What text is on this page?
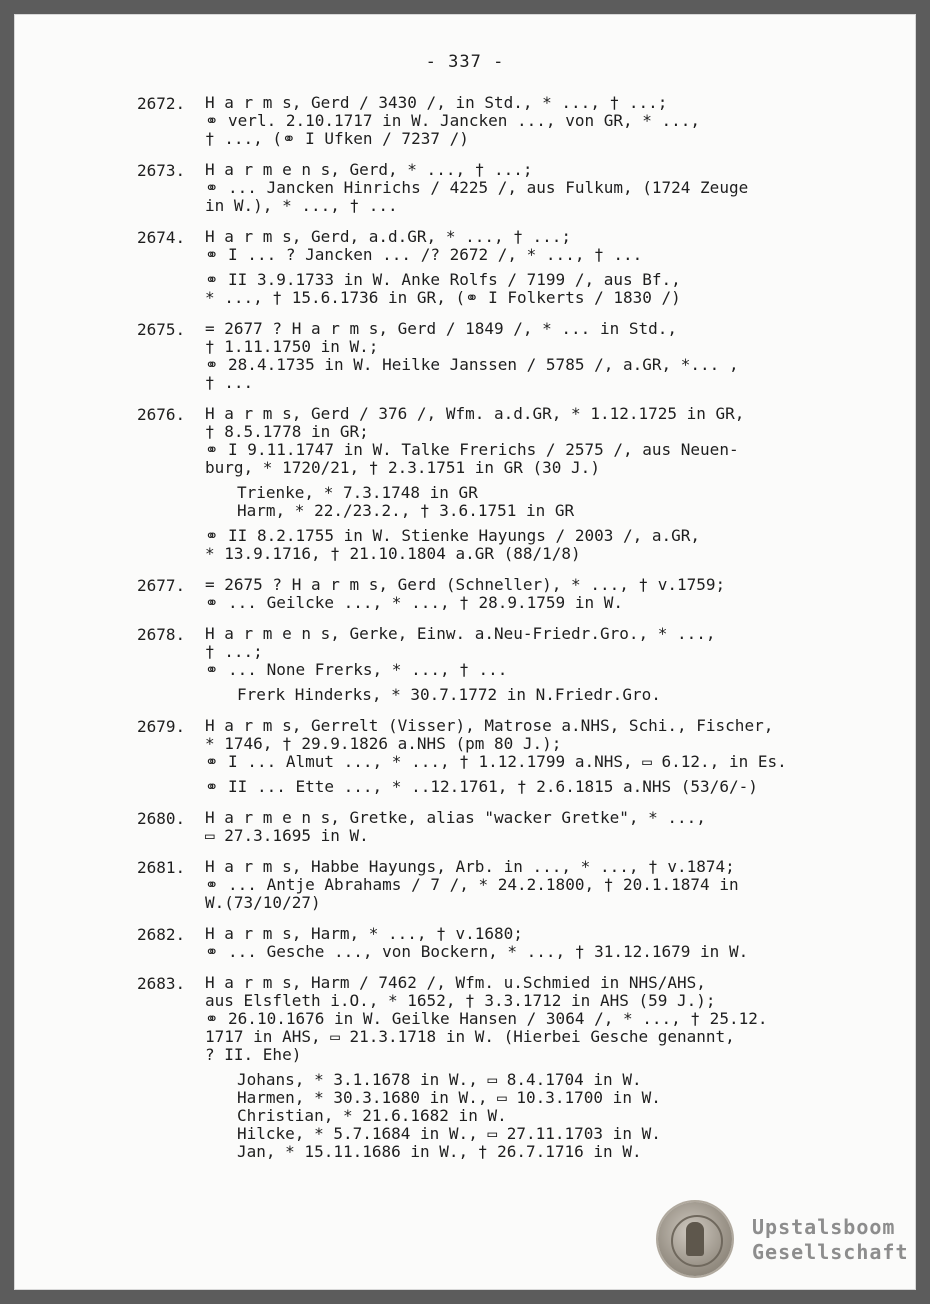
- 337 -
2672.	H a r m s, Gerd / 3430 /, in Std., * ..., † ...;
⚭ verl. 2.10.1717 in W. Jancken ..., von GR, * ...,
† ..., (⚭ I Ufken / 7237 /)
2673.	H a r m e n s, Gerd, * ..., † ...;
⚭ ... Jancken Hinrichs / 4225 /, aus Fulkum, (1724 Zeuge
in W.), * ..., † ...
2674.	H a r m s, Gerd, a.d.GR, * ..., † ...;
⚭ I ... ? Jancken ... /? 2672 /, * ..., † ...
⚭ II 3.9.1733 in W. Anke Rolfs / 7199 /, aus Bf.,
* ..., † 15.6.1736 in GR, (⚭ I Folkerts / 1830 /)
2675.	= 2677 ? H a r m s, Gerd / 1849 /, * ... in Std.,
† 1.11.1750 in W.;
⚭ 28.4.1735 in W. Heilke Janssen / 5785 /, a.GR, *... ,
† ...
2676.	H a r m s, Gerd / 376 /, Wfm. a.d.GR, * 1.12.1725 in GR,
† 8.5.1778 in GR;
⚭ I 9.11.1747 in W. Talke Frerichs / 2575 /, aus Neuen-
burg, * 1720/21, † 2.3.1751 in GR (30 J.)
Trienke, * 7.3.1748 in GR
Harm, * 22./23.2., † 3.6.1751 in GR
⚭ II 8.2.1755 in W. Stienke Hayungs / 2003 /, a.GR,
* 13.9.1716, † 21.10.1804 a.GR (88/1/8)
2677.	= 2675 ? H a r m s, Gerd (Schneller), * ..., † v.1759;
⚭ ... Geilcke ..., * ..., † 28.9.1759 in W.
2678.	H a r m e n s, Gerke, Einw. a.Neu-Friedr.Gro., * ...,
† ...;
⚭ ... None Frerks, * ..., † ...
Frerk Hinderks, * 30.7.1772 in N.Friedr.Gro.
2679.	H a r m s, Gerrelt (Visser), Matrose a.NHS, Schi., Fischer,
* 1746, † 29.9.1826 a.NHS (pm 80 J.);
⚭ I ... Almut ..., * ..., † 1.12.1799 a.NHS, ▭ 6.12., in Es.
⚭ II ... Ette ..., * ..12.1761, † 2.6.1815 a.NHS (53/6/-)
2680.	H a r m e n s, Gretke, alias "wacker Gretke", * ...,
▭ 27.3.1695 in W.
2681.	H a r m s, Habbe Hayungs, Arb. in ..., * ..., † v.1874;
⚭ ... Antje Abrahams / 7 /, * 24.2.1800, † 20.1.1874 in
W.(73/10/27)
2682.	H a r m s, Harm, * ..., † v.1680;
⚭ ... Gesche ..., von Bockern, * ..., † 31.12.1679 in W.
2683.	H a r m s, Harm / 7462 /, Wfm. u.Schmied in NHS/AHS,
aus Elsfleth i.O., * 1652, † 3.3.1712 in AHS (59 J.);
⚭ 26.10.1676 in W. Geilke Hansen / 3064 /, * ..., † 25.12.
1717 in AHS, ▭ 21.3.1718 in W. (Hierbei Gesche genannt,
? II. Ehe)
Johans, * 3.1.1678 in W., ▭ 8.4.1704 in W.
Harmen, * 30.3.1680 in W., ▭ 10.3.1700 in W.
Christian, * 21.6.1682 in W.
Hilcke, * 5.7.1684 in W., ▭ 27.11.1703 in W.
Jan, * 15.11.1686 in W., † 26.7.1716 in W.
Upstalsboom
Gesellschaft
